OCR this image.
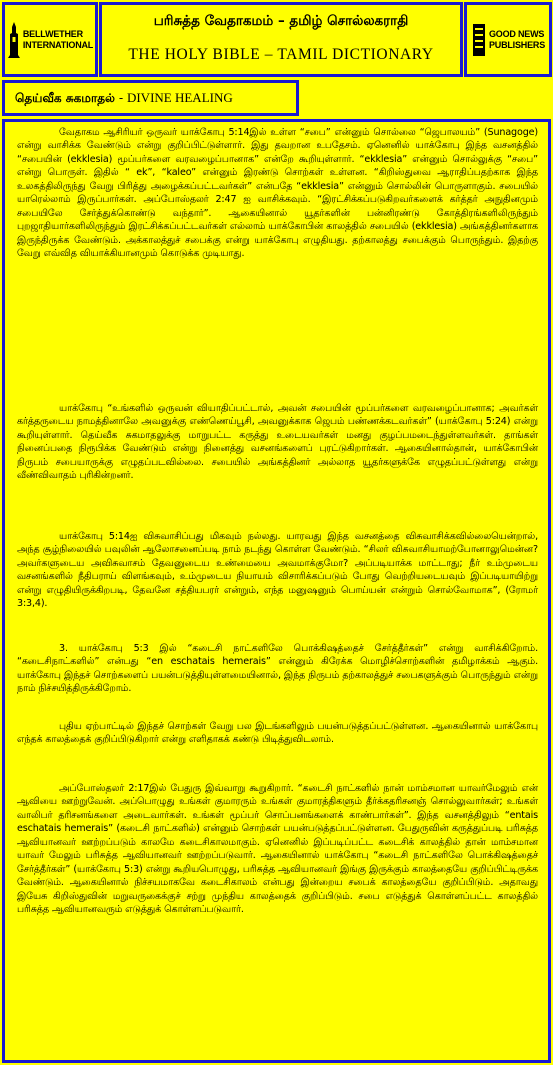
BELLWETHER
INTERNATIONAL
பரிசுத்த வேதாகமம் – தமிழ் சொல்லகராதி
THE HOLY BIBLE – TAMIL DICTIONARY
GOOD NEWS
PUBLISHERS
தெய்வீக சுகமாதல் - DIVINE HEALING

வேதாகம ஆசிரியர் ஒருவர் யாக்கோபு 5:14இல் உள்ள “சபை” என்னும் சொல்லை “ஜெபாலயம்” (Sunagoge) என்று வாசிக்க வேண்டும் என்று குறிப்பிட்டுள்ளார். இது தவறான உபதேசம். ஏனெனில் யாக்கோபு இந்த வசனத்தில் “சபையின் (ekklesia) மூப்பர்களை வரவழைப்பானாக” என்றே கூறியுள்ளார். “ekklesia” என்னும் சொல்லுக்கு “சபை” என்று பொருள். இதில் “ ek”, “kaleo” என்னும் இரண்டு சொற்கள் உள்ளன. “கிறிஸ்துவை ஆராதிப்பதற்காக இந்த உலகத்திலிருந்து வேறு பிரித்து அழைக்கப்பட்டவர்கள்” என்பதே “ekklesia” என்னும் சொல்லின் பொருளாகும். சபையில் யாரெல்லாம் இருப்பார்கள். அப்போஸ்தலர் 2:47 ஐ வாசிக்கவும். “இரட்சிக்கப்படுகிறவர்களைக் கர்த்தர் அநுதினமும் சபையிலே சேர்த்துக்கொண்டு வந்தார்”. ஆகையினால் யூதர்களின் பன்னிரண்டு கோத்திரங்களிலிருந்தும் புறஜாதியார்களிலிருந்தும் இரட்சிக்கப்பட்டவர்கள் எல்லாம் யாக்கோபின் காலத்தில் சபையில் (ekklesia) அங்கத்தினர்களாக இருந்திருக்க வேண்டும். அக்காலத்துச் சபைக்கு என்று யாக்கோபு எழுதியது. தற்காலத்து சபைக்கும் பொருந்தும். இதற்கு வேறு எவ்வித வியாக்கியானமும் கொடுக்க முடியாது.

யாக்கோபு “உங்களில் ஒருவன் வியாதிப்பட்டால், அவன் சபையின் மூப்பர்களை வரவழைப்பானாக; அவர்கள் கர்த்தருடைய நாமத்தினாலே அவனுக்கு எண்ணெய்பூசி, அவனுக்காக ஜெபம் பண்ணக்கடவர்கள்” (யாக்கோபு 5:24) என்று கூறியுள்ளார். தெய்வீக சுகமாதலுக்கு மாறுபட்ட கருத்து உடையவர்கள் மனது குழப்பமடைந்துள்ளவர்கள். தாங்கள் நினைப்பதை நிரூபிக்க வேண்டும் என்று நினைத்து வசனங்களைப் புரட்டுகிறார்கள். ஆகையினால்தான், யாக்கோபின் நிருபம் சபையாருக்கு எழுதப்படவில்லை. சபையில் அங்கத்தினர் அல்லாத யூதர்களுக்கே எழுதப்பட்டுள்ளது என்று வீண்விவாதம் புரிகின்றனர்.

யாக்கோபு 5:14ஐ விசுவாசிப்பது மிகவும் நல்லது. யாரவது இந்த வசனத்தை விசுவாசிக்கவில்லையென்றால், அந்த சூழ்நிலையில் பவுலின் ஆலோசனைப்படி நாம் நடந்து கொள்ள வேண்டும். “சிலர் விசுவாசியாமற்போனாலுமென்ன? அவர்களுடைய அவிசுவாசம் தேவனுடைய உண்மையை அவமாக்குமோ? அப்படியாக்க மாட்டாது; நீர் உம்முடைய வசனங்களில் நீதிபராய் விளங்கவும், உம்முடைய நியாயம் விசாரிக்கப்படும் போது வெற்றியடையவும் இப்படியாயிற்று என்று எழுதியிருக்கிறபடி, தேவனே சத்தியபரர் என்றும், எந்த மனுஷனும் பொய்யன் என்றும் சொல்வோமாக”, (ரோமர் 3:3,4).

3. யாக்கோபு 5:3 இல் “கடைசி நாட்களிலே பொக்கிஷத்தைச் சேர்த்தீர்கள்” என்று வாசிக்கிறோம். “கடைசிநாட்களில்” என்பது “en eschatais hemerais” என்னும் கிரேக்க மொழிச்சொற்களின் தமிழாக்கம் ஆகும். யாக்கோபு இந்தச் சொற்களைப் பயன்படுத்தியுள்ளமையினால், இந்த நிருபம் தற்காலத்துச் சபைகளுக்கும் பொருந்தும் என்று நாம் நிச்சயித்திருக்கிறோம்.

புதிய ஏற்பாட்டில் இந்தச் சொற்கள் வேறு பல இடங்களிலும் பயன்படுத்தப்பட்டுள்ளன. ஆகையினால் யாக்கோபு எந்தக் காலத்தைக் குறிப்பிடுகிறார் என்று எளிதாகக் கண்டு பிடித்துவிடலாம்.

அப்போஸ்தலர் 2:17இல் பேதுரு இவ்வாறு கூறுகிறார். “கடைசி நாட்களில் நான் மாம்சமான யாவர்மேலும் என் ஆவியை ஊற்றுவேன். அப்பொழுது உங்கள் குமாரரும் உங்கள் குமாரத்திகளும் தீர்க்கதரிசனஞ் சொல்லுவார்கள்; உங்கள் வாலிபர் தரிசனங்களை அடைவார்கள். உங்கள் மூப்பர் சொப்பனங்களைக் காண்பார்கள்”. இந்த வசனத்திலும் “entais eschatais hemerais” (கடைசி நாட்களில்) என்னும் சொற்கள் பயன்படுத்தப்பட்டுள்ளன. பேதுருவின் கருத்துப்படி பரிசுத்த ஆவியானவர் ஊற்றப்படும் காலமே கடைசிகாலமாகும். ஏனெனில் இப்படிப்பட்ட கடைசிக் காலத்தில் தான் மாம்சமான யாவர் மேலும் பரிசுத்த ஆவியானவர் ஊற்றப்படுவார். ஆகையினால் யாக்கோபு “கடைசி நாட்களிலே பொக்கிஷத்தைச் சேர்த்தீர்கள்” (யாக்கோபு 5:3) என்று கூறியபொழுது, பரிசுத்த ஆவியானவர் இங்கு இருக்கும் காலத்தையே குறிப்பிட்டிருக்க வேண்டும். ஆகையினால் நிச்சயமாகவே கடைசிகாலம் என்பது இன்றைய சபைக் காலத்தையே குறிப்பிடும். அதாவது இயேசு கிறிஸ்துவின் மறுவருகைக்குச் சற்று முந்திய காலத்தைக் குறிப்பிடும். சபை எடுத்துக் கொள்ளப்பட்ட காலத்தில் பரிசுத்த ஆவியானவரும் எடுத்துக் கொள்ளப்படுவார்.
